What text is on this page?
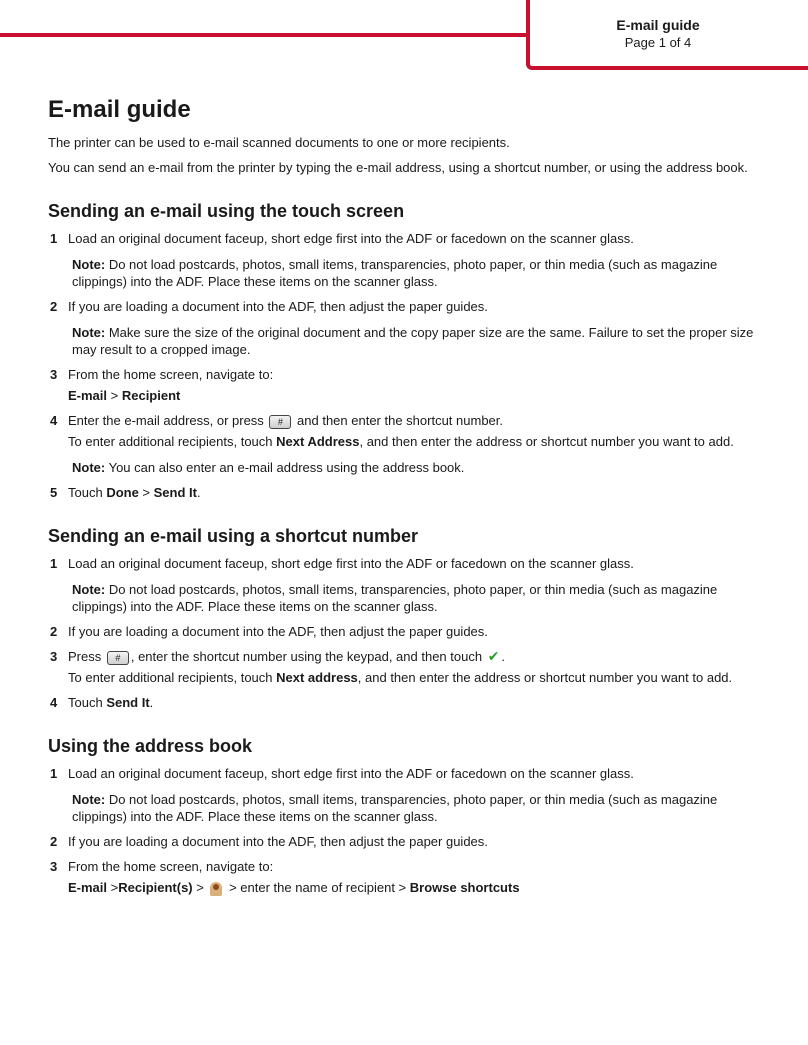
E-mail guide
Page 1 of 4
E-mail guide

The printer can be used to e-mail scanned documents to one or more recipients.

You can send an e-mail from the printer by typing the e-mail address, using a shortcut number, or using the address book.

Sending an e-mail using the touch screen
1 Load an original document faceup, short edge first into the ADF or facedown on the scanner glass.
Note: Do not load postcards, photos, small items, transparencies, photo paper, or thin media (such as magazine clippings) into the ADF. Place these items on the scanner glass.
2 If you are loading a document into the ADF, then adjust the paper guides.
Note: Make sure the size of the original document and the copy paper size are the same. Failure to set the proper size may result to a cropped image.
3 From the home screen, navigate to:
E-mail > Recipient
4 Enter the e-mail address, or press # and then enter the shortcut number.
To enter additional recipients, touch Next Address, and then enter the address or shortcut number you want to add.
Note: You can also enter an e-mail address using the address book.
5 Touch Done > Send It.
Sending an e-mail using a shortcut number
1 Load an original document faceup, short edge first into the ADF or facedown on the scanner glass.
Note: Do not load postcards, photos, small items, transparencies, photo paper, or thin media (such as magazine clippings) into the ADF. Place these items on the scanner glass.
2 If you are loading a document into the ADF, then adjust the paper guides.
3 Press # , enter the shortcut number using the keypad, and then touch ✔ .
To enter additional recipients, touch Next address, and then enter the address or shortcut number you want to add.
4 Touch Send It.
Using the address book
1 Load an original document faceup, short edge first into the ADF or facedown on the scanner glass.
Note: Do not load postcards, photos, small items, transparencies, photo paper, or thin media (such as magazine clippings) into the ADF. Place these items on the scanner glass.
2 If you are loading a document into the ADF, then adjust the paper guides.
3 From the home screen, navigate to:
E-mail >Recipient(s) >  > enter the name of recipient > Browse shortcuts
